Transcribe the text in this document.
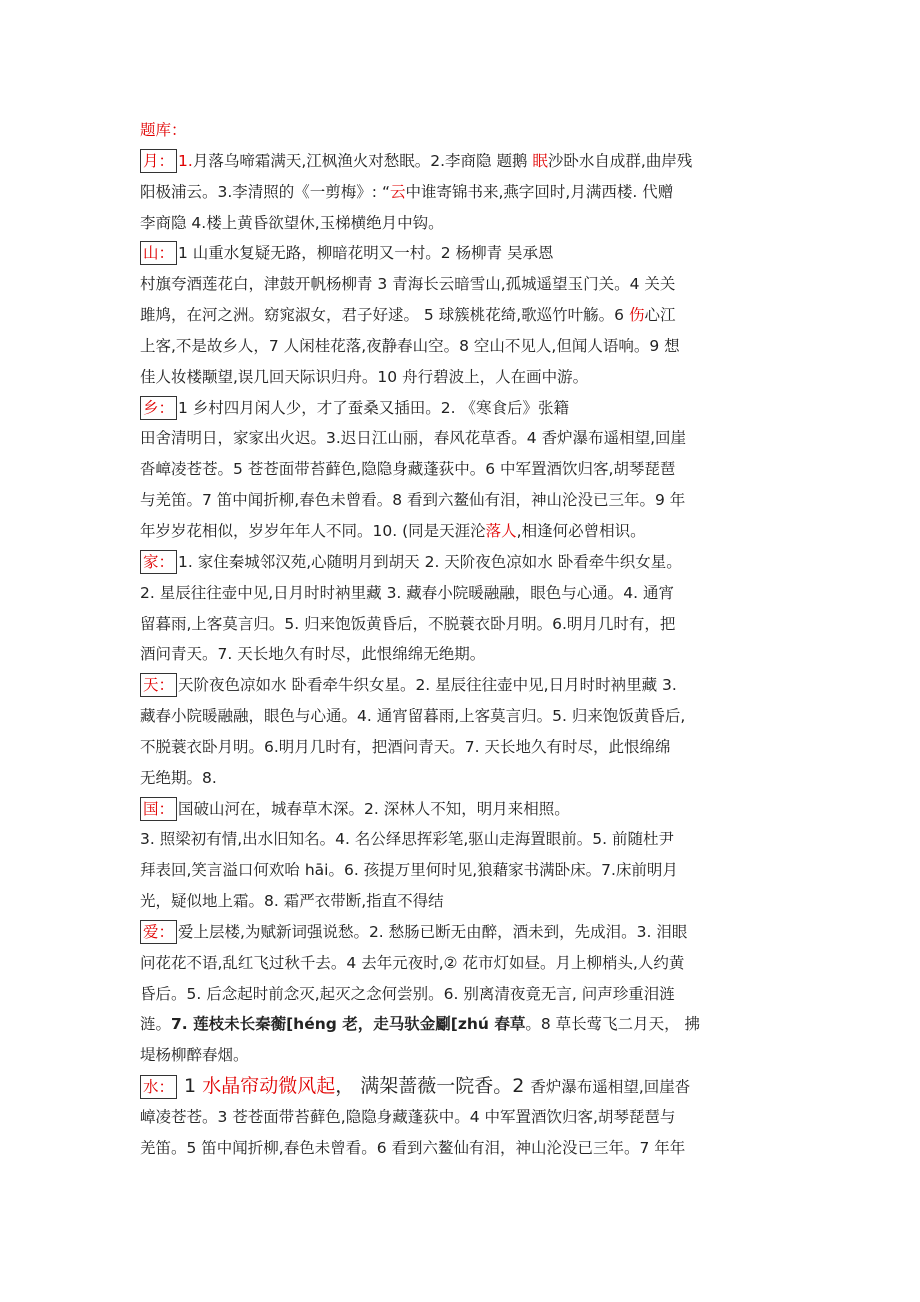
题库：
月： 1.月落乌啼霜满天,江枫渔火对愁眠。2.李商隐 题鹅 眠沙卧水自成群,曲岸残
阳极浦云。3.李清照的《一剪梅》: “云中谁寄锦书来,燕字回时,月满西楼. 代赠
李商隐 4.楼上黄昏欲望休,玉梯横绝月中钩。
山： 1 山重水复疑无路，柳暗花明又一村。2 杨柳青 吴承恩
村旗夸酒莲花白，津鼓开帆杨柳青 3 青海长云暗雪山,孤城遥望玉门关。4 关关
雎鸠，在河之洲。窈窕淑女，君子好逑。 5 球簇桃花绮,歌巡竹叶觞。6 伤心江
上客,不是故乡人，7 人闲桂花落,夜静春山空。8 空山不见人,但闻人语响。9 想
佳人妆楼颙望,误几回天际识归舟。10 舟行碧波上，人在画中游。
乡： 1 乡村四月闲人少，才了蚕桑又插田。2. 《寒食后》张籍
田舍清明日，家家出火迟。3.迟日江山丽，春风花草香。4 香炉瀑布遥相望,回崖
沓嶂凌苍苍。5 苍苍面带苔藓色,隐隐身藏蓬荻中。6 中军置酒饮归客,胡琴琵琶
与羌笛。7 笛中闻折柳,春色未曾看。8 看到六鳌仙有泪，神山沦没已三年。9 年
年岁岁花相似，岁岁年年人不同。10. (同是天涯沦落人,相逢何必曾相识。
家： 1. 家住秦城邻汉苑,心随明月到胡天 2. 天阶夜色凉如水 卧看牵牛织女星。
2. 星辰往往壶中见,日月时时衲里藏 3. 藏春小院暖融融，眼色与心通。4. 通宵
留暮雨,上客莫言归。5. 归来饱饭黄昏后，不脱蓑衣卧月明。6.明月几时有，把
酒问青天。7. 天长地久有时尽，此恨绵绵无绝期。
天： 天阶夜色凉如水 卧看牵牛织女星。2. 星辰往往壶中见,日月时时衲里藏 3.
藏春小院暖融融，眼色与心通。4. 通宵留暮雨,上客莫言归。5. 归来饱饭黄昏后,
不脱蓑衣卧月明。6.明月几时有，把酒问青天。7. 天长地久有时尽，此恨绵绵
无绝期。8.
国： 国破山河在，城春草木深。2. 深林人不知，明月来相照。
3. 照梁初有情,出水旧知名。4. 名公绎思挥彩笔,驱山走海置眼前。5. 前随杜尹
拜表回,笑言溢口何欢咍 hāi。6. 孩提万里何时见,狼藉家书满卧床。7.床前明月
光，疑似地上霜。8. 霜严衣带断,指直不得结
爱： 爱上层楼,为赋新词强说愁。2. 愁肠已断无由醉，酒未到，先成泪。3. 泪眼
问花花不语,乱红飞过秋千去。4 去年元夜时,② 花市灯如昼。月上柳梢头,人约黄
昏后。5. 后念起时前念灭,起灭之念何尝别。6. 别离清夜竟无言, 问声珍重泪涟
涟。7. 莲枝未长秦蘅[héng 老，走马驮金劚[zhú 春草。8 草长莺飞二月天， 拂
堤杨柳醉春烟。
水： 1 水晶帘动微风起， 满架蔷薇一院香。2 香炉瀑布遥相望,回崖沓
嶂凌苍苍。3 苍苍面带苔藓色,隐隐身藏蓬荻中。4 中军置酒饮归客,胡琴琵琶与
羌笛。5 笛中闻折柳,春色未曾看。6 看到六鳌仙有泪，神山沦没已三年。7 年年
